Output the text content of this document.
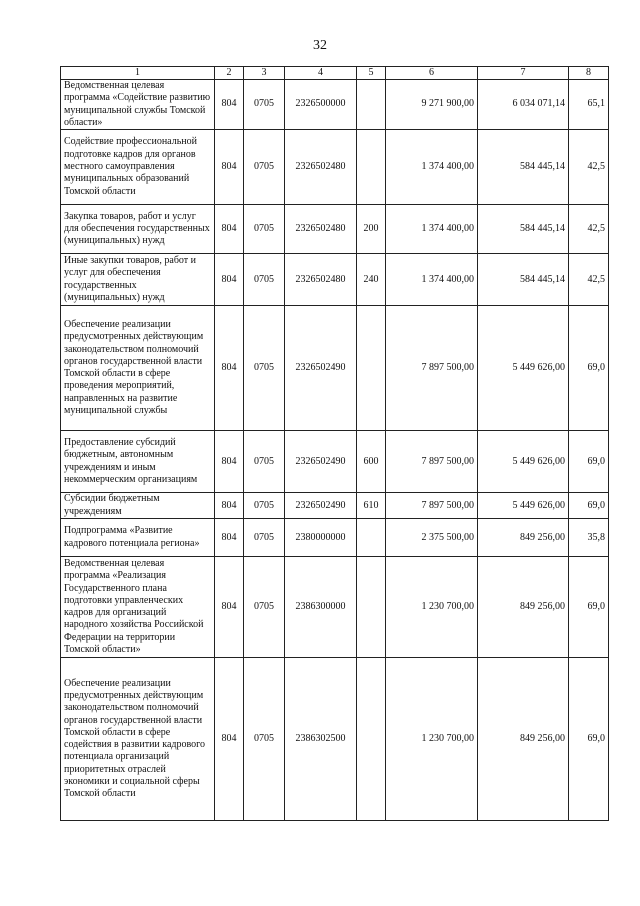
32
1	2	3	4	5	6	7	8
Ведомственная целевая программа «Содействие развитию муниципальной службы Томской области»	804	0705	2326500000		9 271 900,00	6 034 071,14	65,1
Содействие профессиональной подготовке кадров для органов местного самоуправления муниципальных образований Томской области	804	0705	2326502480		1 374 400,00	584 445,14	42,5
Закупка товаров, работ и услуг для обеспечения государственных (муниципальных) нужд	804	0705	2326502480	200	1 374 400,00	584 445,14	42,5
Иные закупки товаров, работ и услуг для обеспечения государственных (муниципальных) нужд	804	0705	2326502480	240	1 374 400,00	584 445,14	42,5
Обеспечение реализации предусмотренных действующим законодательством полномочий органов государственной власти Томской области в сфере проведения мероприятий, направленных на развитие муниципальной службы	804	0705	2326502490		7 897 500,00	5 449 626,00	69,0
Предоставление субсидий бюджетным, автономным учреждениям и иным некоммерческим организациям	804	0705	2326502490	600	7 897 500,00	5 449 626,00	69,0
Субсидии бюджетным учреждениям	804	0705	2326502490	610	7 897 500,00	5 449 626,00	69,0
Подпрограмма «Развитие кадрового потенциала региона»	804	0705	2380000000		2 375 500,00	849 256,00	35,8
Ведомственная целевая программа «Реализация Государственного плана подготовки управленческих кадров для организаций народного хозяйства Российской Федерации на территории Томской области»	804	0705	2386300000		1 230 700,00	849 256,00	69,0
Обеспечение реализации предусмотренных действующим законодательством полномочий органов государственной власти Томской области в сфере содействия в развитии кадрового потенциала организаций приоритетных отраслей экономики и социальной сферы Томской области	804	0705	2386302500		1 230 700,00	849 256,00	69,0
